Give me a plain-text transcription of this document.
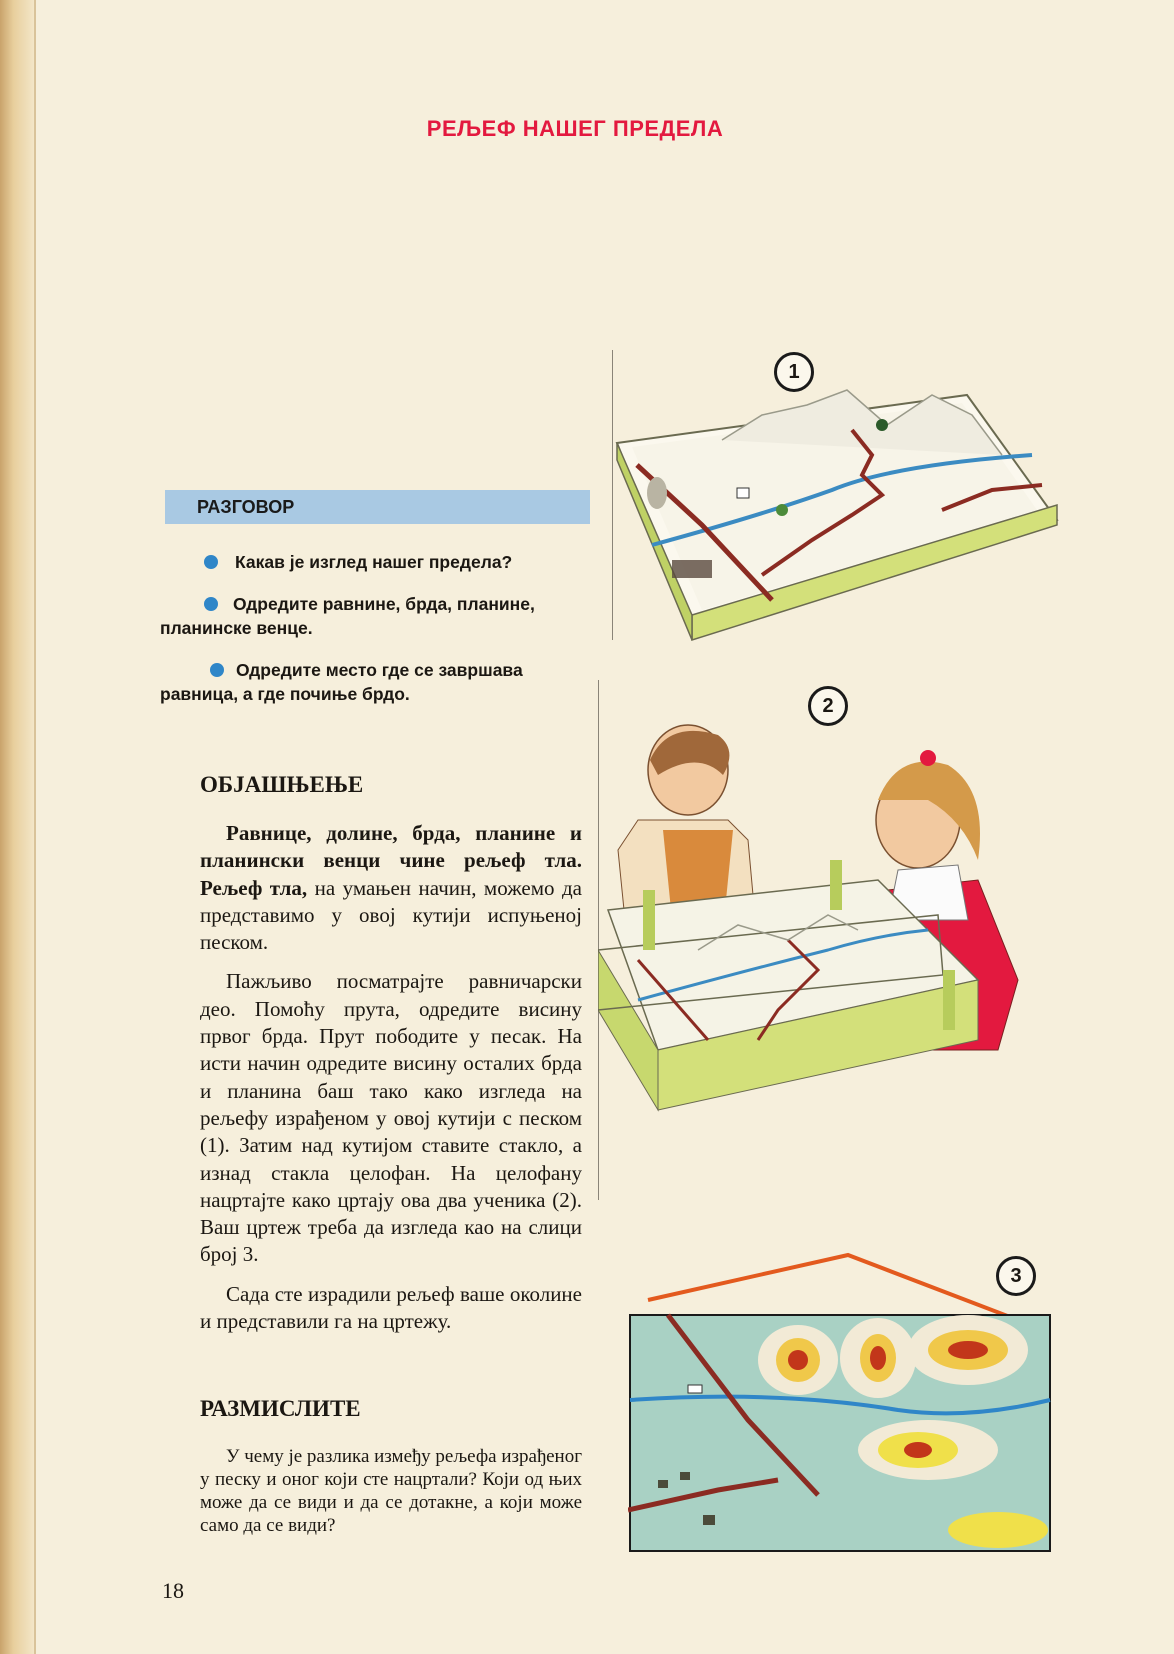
РЕЉЕФ НАШЕГ ПРЕДЕЛА
РАЗГОВОР
Какав је изглед нашег предела?
Одредите равнине, брда, планине, планинске венце.
Одредите место где се завршава равница, а где почиње брдо.
ОБЈАШЊЕЊЕ

Равнице, долине, брда, планине и планински венци чине рељеф тла. Рељеф тла, на умањен начин, можемо да представимо у овој кутији испуњеној песком.

Пажљиво посматрајте равничарски део. Помоћу прута, одредите висину првог брда. Прут пободите у песак. На исти начин одредите висину осталих брда и планина баш тако како изгледа на рељефу израђеном у овој кутији с песком (1). Затим над кутијом ставите стакло, а изнад стакла целофан. На целофану нацртајте како цртају ова два ученика (2). Ваш цртеж треба да изгледа као на слици број 3.

Сада сте израдили рељеф ваше околине и представили га на цртежу.

РАЗМИСЛИТЕ

У чему је разлика између рељефа израђеног у песку и оног који сте нацртали? Који од њих може да се види и да се дотакне, а који може само да се види?

18
1
2
3
